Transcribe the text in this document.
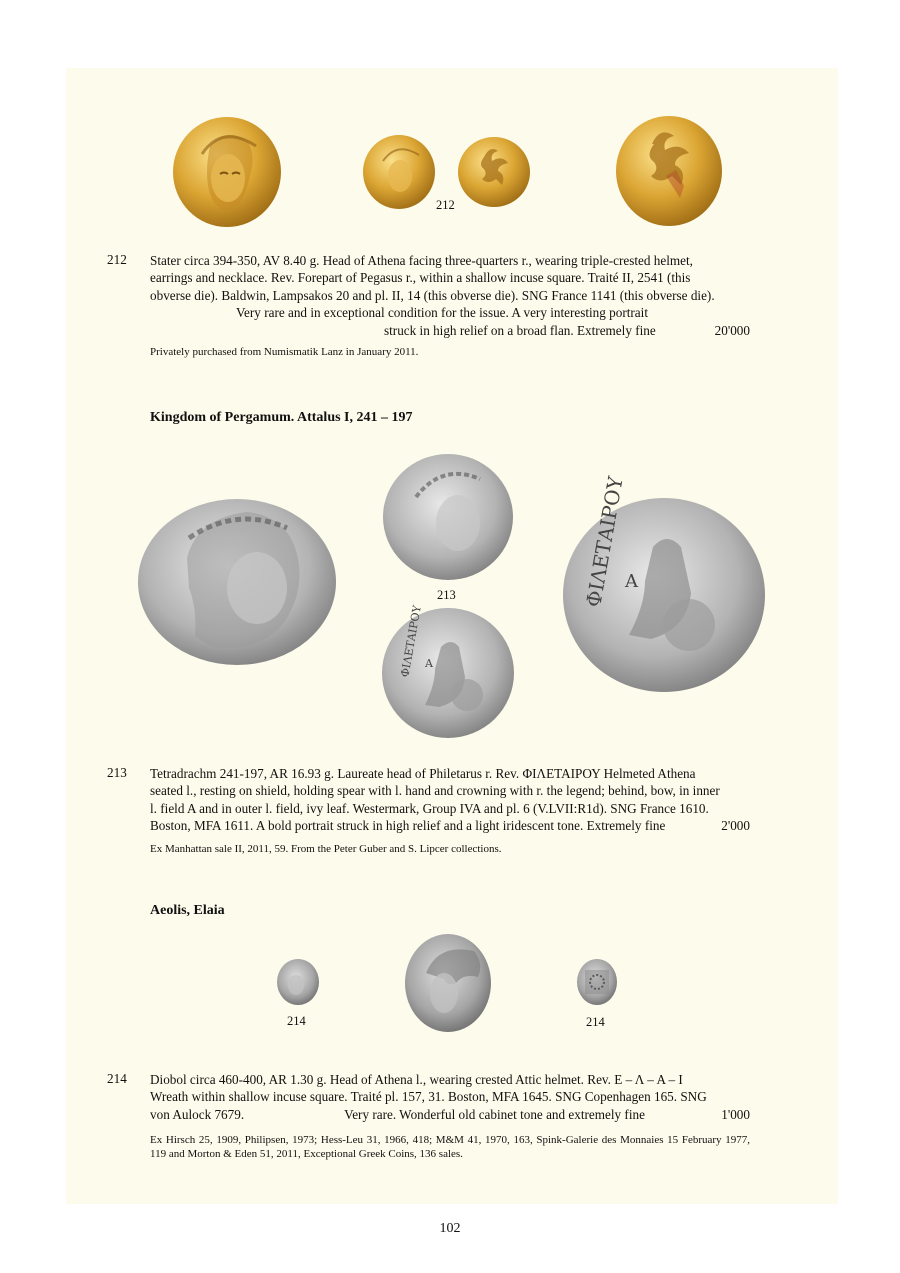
212
212 Stater circa 394-350, AV 8.40 g. Head of Athena facing three-quarters r., wearing triple-crested helmet,
earrings and necklace. Rev. Forepart of Pegasus r., within a shallow incuse square. Traité II, 2541 (this
obverse die). Baldwin, Lampsakos 20 and pl. II, 14 (this obverse die). SNG France 1141 (this obverse die).
Very rare and in exceptional condition for the issue. A very interesting portrait
struck in high relief on a broad flan. Extremely fine	20'000
Privately purchased from Numismatik Lanz in January 2011.
Kingdom of Pergamum. Attalus I, 241 – 197
213
ΦΙΛΕΤΑΙΡΟΥ A
ΦΙΛΕΤΑΙΡΟΥ
A
213 Tetradrachm 241-197, AR 16.93 g. Laureate head of Philetarus r. Rev. ΦΙΛΕΤΑΙΡΟΥ Helmeted Athena
seated l., resting on shield, holding spear with l. hand and crowning with r. the legend; behind, bow, in inner
l. field A and in outer l. field, ivy leaf. Westermark, Group IVA and pl. 6 (V.LVII:R1d). SNG France 1610.
Boston, MFA 1611. A bold portrait struck in high relief and a light iridescent tone. Extremely fine	2'000
Ex Manhattan sale II, 2011, 59. From the Peter Guber and S. Lipcer collections.
Aeolis, Elaia
214	214
214 Diobol circa 460-400, AR 1.30 g. Head of Athena l., wearing crested Attic helmet. Rev. Ε – Λ – Α – Ι
Wreath within shallow incuse square. Traité pl. 157, 31. Boston, MFA 1645. SNG Copenhagen 165. SNG
von Aulock 7679.	Very rare. Wonderful old cabinet tone and extremely fine	1'000
Ex Hirsch 25, 1909, Philipsen, 1973; Hess-Leu 31, 1966, 418; M&M 41, 1970, 163, Spink-Galerie des Monnaies 15 February 1977, 119 and Morton & Eden 51, 2011, Exceptional Greek Coins, 136 sales.
102
